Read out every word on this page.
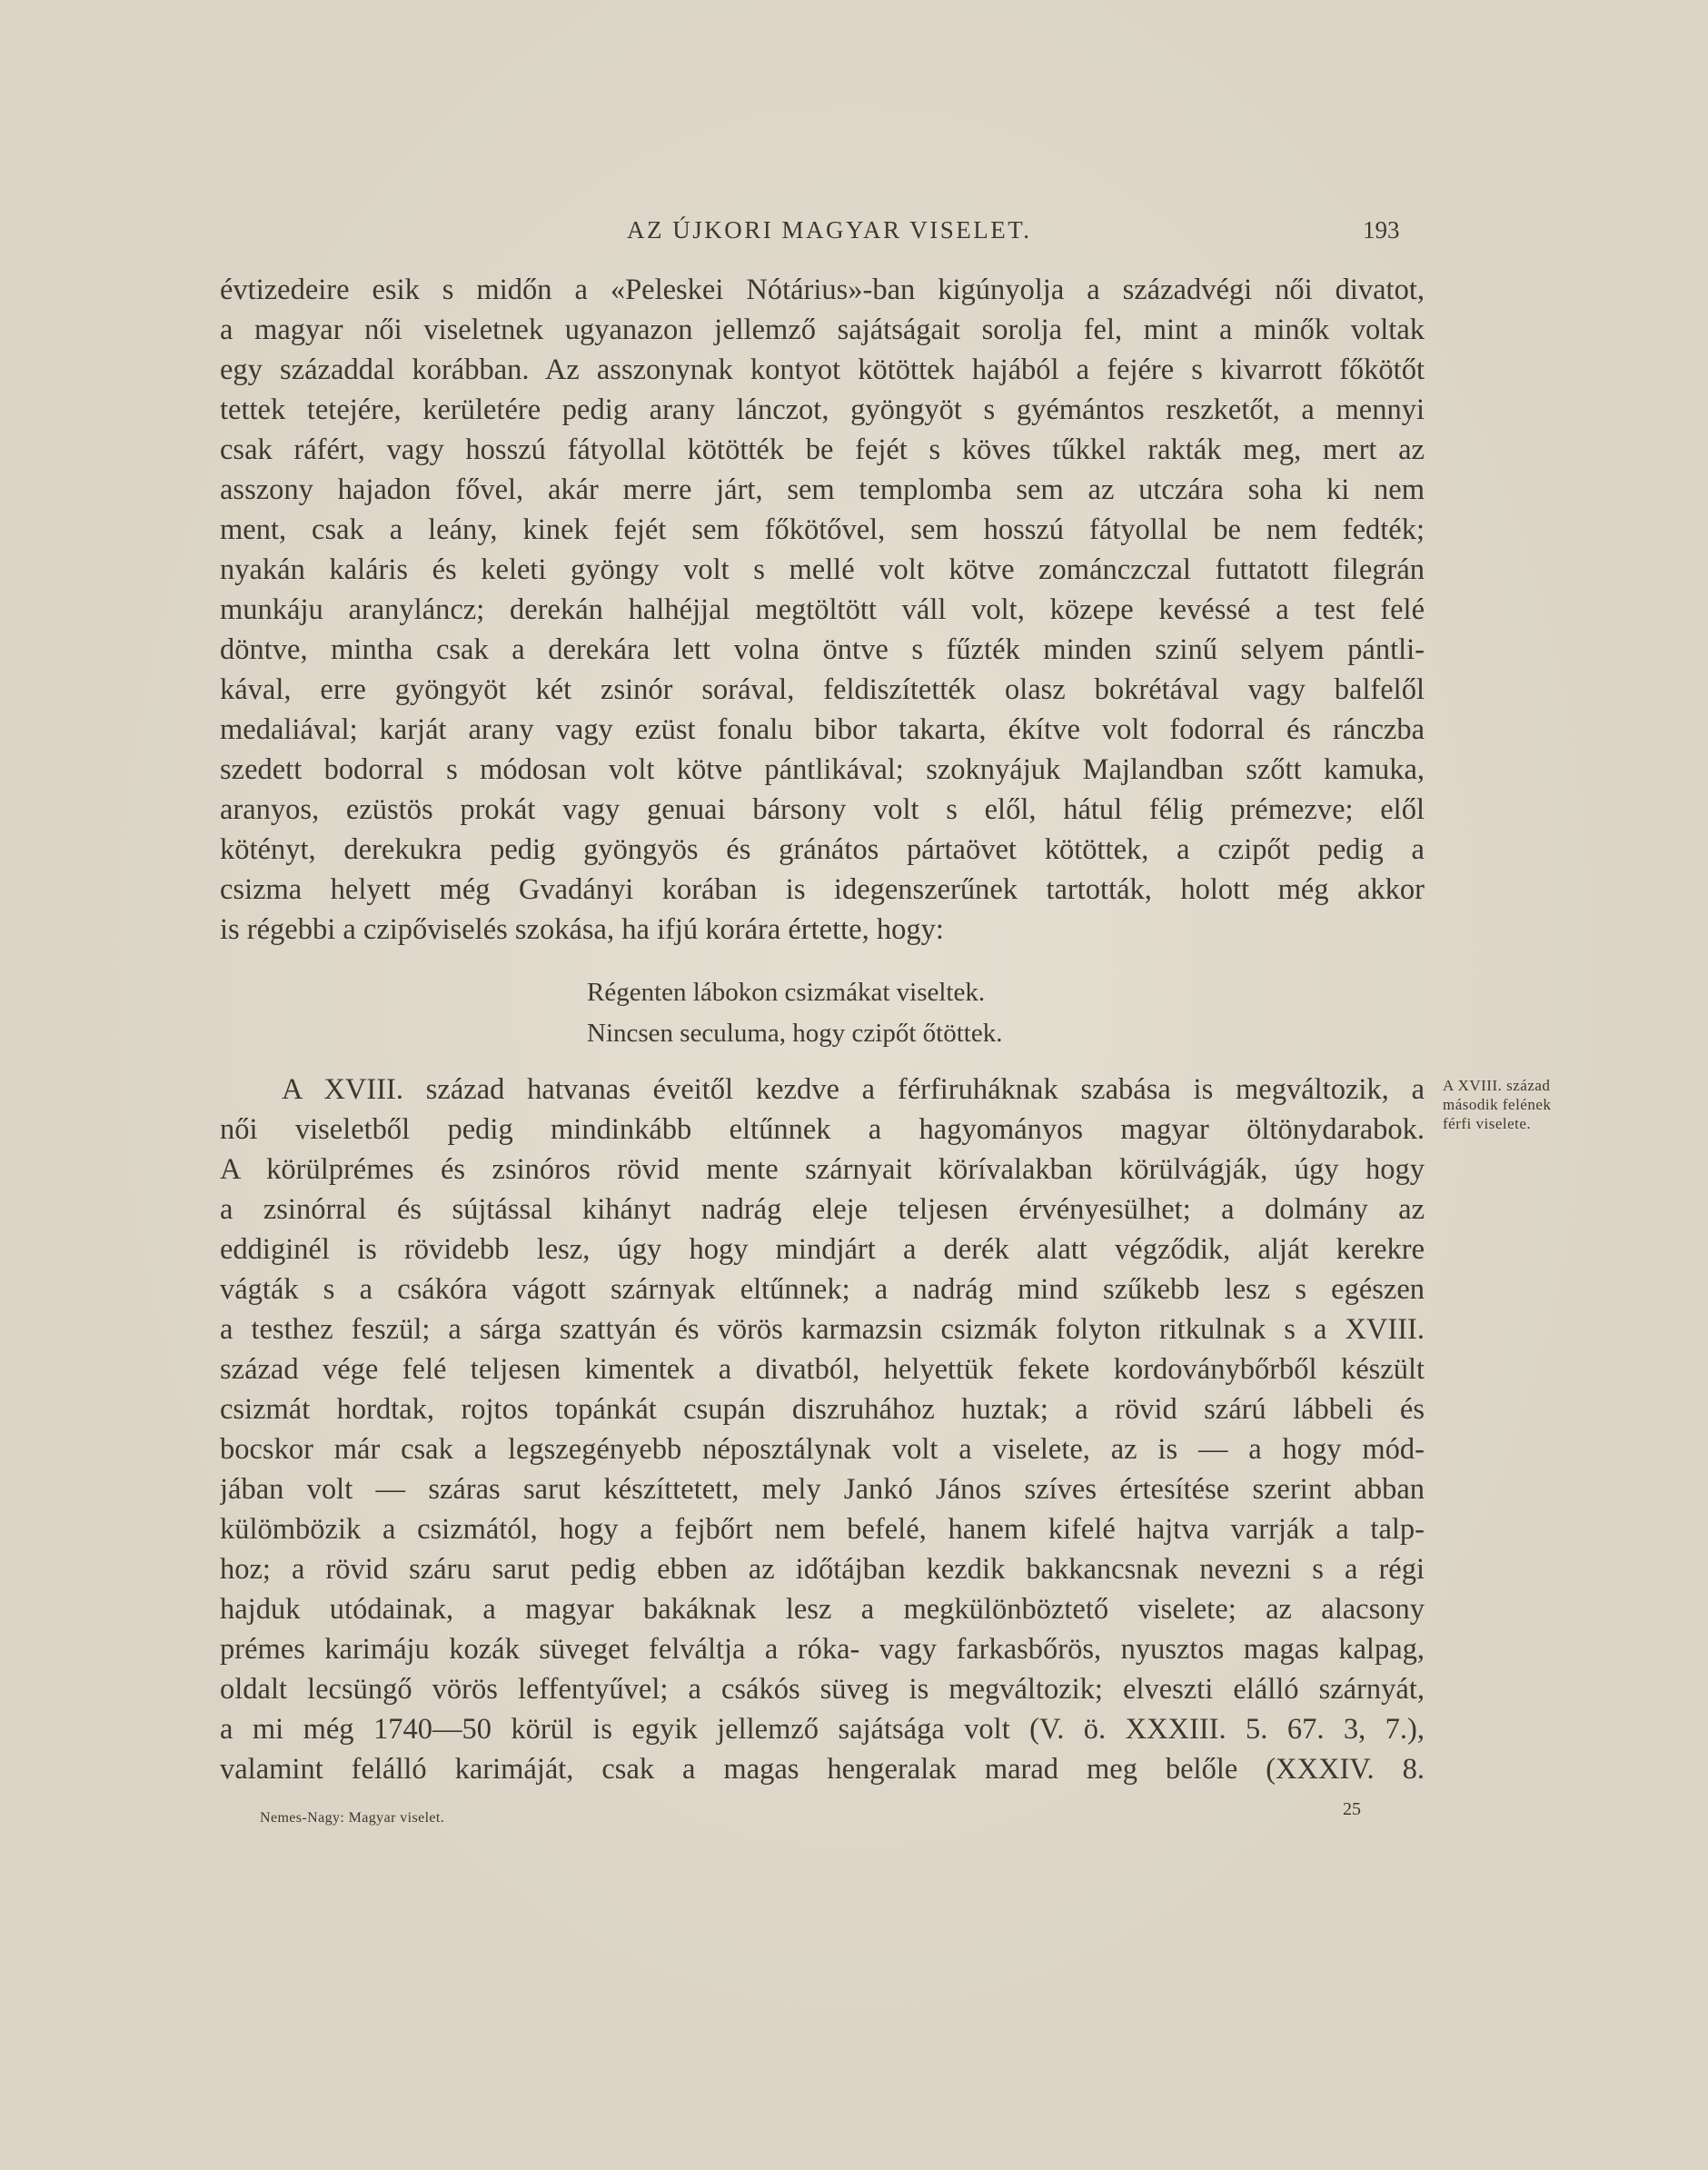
AZ ÚJKORI MAGYAR VISELET.	193
évtizedeire esik s midőn a «Peleskei Nótárius»-ban kigúnyolja a századvégi női divatot,
a magyar női viseletnek ugyanazon jellemző sajátságait sorolja fel, mint a minők voltak
egy századdal korábban. Az asszonynak kontyot kötöttek hajából a fejére s kivarrott főkötőt
tettek tetejére, kerületére pedig arany lánczot, gyöngyöt s gyémántos reszketőt, a mennyi
csak ráfért, vagy hosszú fátyollal kötötték be fejét s köves tűkkel rakták meg, mert az
asszony hajadon fővel, akár merre járt, sem templomba sem az utczára soha ki nem
ment, csak a leány, kinek fejét sem főkötővel, sem hosszú fátyollal be nem fedték;
nyakán kaláris és keleti gyöngy volt s mellé volt kötve zománczczal futtatott filegrán
munkáju aranyláncz; derekán halhéjjal megtöltött váll volt, közepe kevéssé a test felé
döntve, mintha csak a derekára lett volna öntve s fűzték minden szinű selyem pántli-
kával, erre gyöngyöt két zsinór sorával, feldiszítették olasz bokrétával vagy balfelől
medaliával; karját arany vagy ezüst fonalu bibor takarta, ékítve volt fodorral és ránczba
szedett bodorral s módosan volt kötve pántlikával; szoknyájuk Majlandban szőtt kamuka,
aranyos, ezüstös prokát vagy genuai bársony volt s elől, hátul félig prémezve; elől
kötényt, derekukra pedig gyöngyös és gránátos pártaövet kötöttek, a czipőt pedig a
csizma helyett még Gvadányi korában is idegenszerűnek tartották, holott még akkor
is régebbi a czipőviselés szokása, ha ifjú korára értette, hogy:
Régenten lábokon csizmákat viseltek.
Nincsen seculuma, hogy czipőt őtöttek.
A XVIII. század hatvanas éveitől kezdve a férfiruháknak szabása is megváltozik, a
női viseletből pedig mindinkább eltűnnek a hagyományos magyar öltönydarabok.
A körülprémes és zsinóros rövid mente szárnyait körívalakban körülvágják, úgy hogy
a zsinórral és sújtással kihányt nadrág eleje teljesen érvényesülhet; a dolmány az
eddiginél is rövidebb lesz, úgy hogy mindjárt a derék alatt végződik, alját kerekre
vágták s a csákóra vágott szárnyak eltűnnek; a nadrág mind szűkebb lesz s egészen
a testhez feszül; a sárga szattyán és vörös karmazsin csizmák folyton ritkulnak s a XVIII.
század vége felé teljesen kimentek a divatból, helyettük fekete kordoványbőrből készült
csizmát hordtak, rojtos topánkát csupán diszruhához huztak; a rövid szárú lábbeli és
bocskor már csak a legszegényebb néposztálynak volt a viselete, az is — a hogy mód-
jában volt — száras sarut készíttetett, mely Jankó János szíves értesítése szerint abban
külömbözik a csizmától, hogy a fejbőrt nem befelé, hanem kifelé hajtva varrják a talp-
hoz; a rövid száru sarut pedig ebben az időtájban kezdik bakkancsnak nevezni s a régi
hajduk utódainak, a magyar bakáknak lesz a megkülönböztető viselete; az alacsony
prémes karimáju kozák süveget felváltja a róka- vagy farkasbőrös, nyusztos magas kalpag,
oldalt lecsüngő vörös leffentyűvel; a csákós süveg is megváltozik; elveszti elálló szárnyát,
a mi még 1740—50 körül is egyik jellemző sajátsága volt (V. ö. XXXIII. 5. 67. 3, 7.),
valamint felálló karimáját, csak a magas hengeralak marad meg belőle (XXXIV. 8.
A XVIII. század
második felének
férfi viselete.
Nemes-Nagy: Magyar viselet.	25
